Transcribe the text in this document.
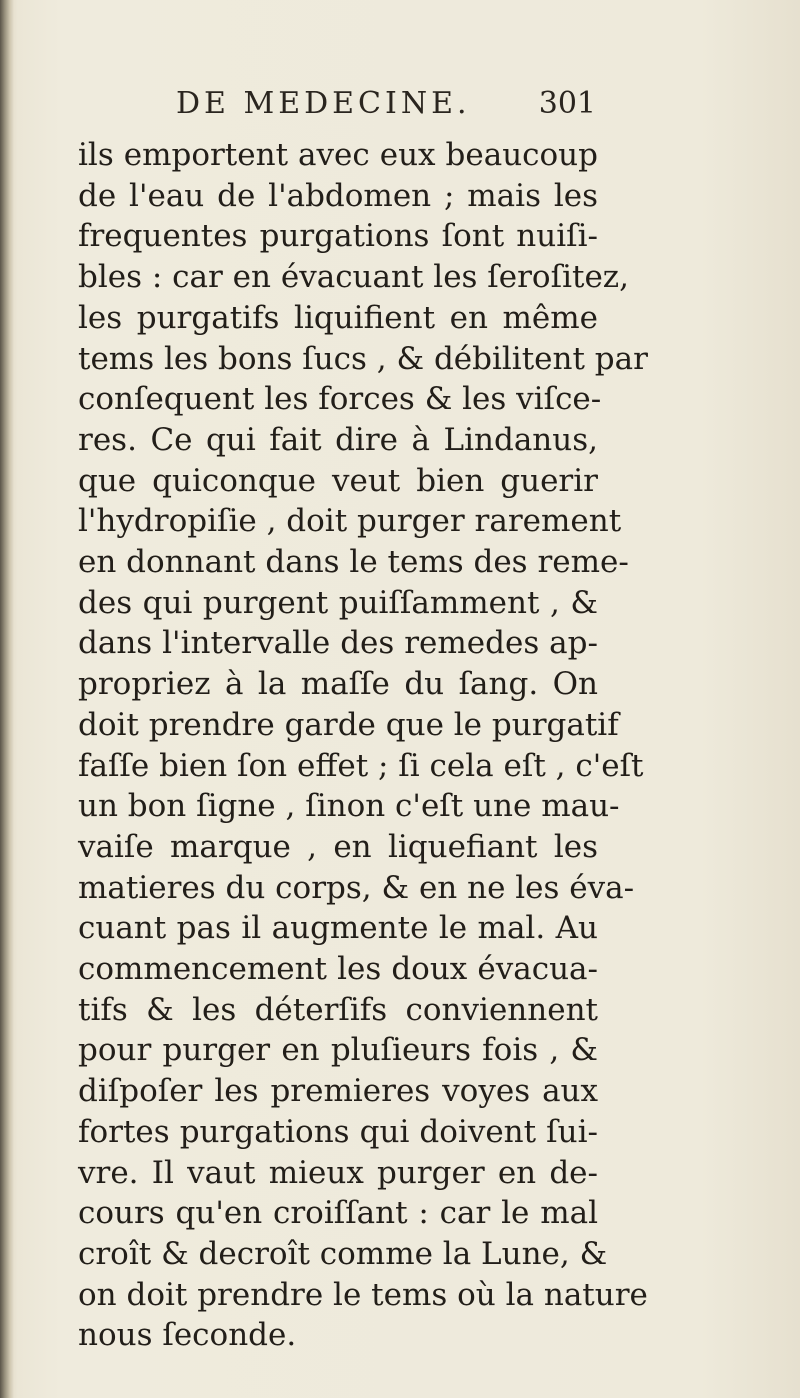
DE MEDECINE. 301
ils emportent avec eux beaucoup
de l'eau de l'abdomen ; mais les
frequentes purgations ſont nuiſi-
bles : car en évacuant les ſeroſitez,
les purgatifs liquifient en même
tems les bons ſucs , & débilitent par
conſequent les forces & les viſce-
res. Ce qui fait dire à Lindanus,
que quiconque veut bien guerir
l'hydropiſie , doit purger rarement
en donnant dans le tems des reme-
des qui purgent puiſſamment , &
dans l'intervalle des remedes ap-
propriez à la maſſe du ſang. On
doit prendre garde que le purgatif
faſſe bien ſon effet ; ſi cela eſt , c'eſt
un bon ſigne , ſinon c'eſt une mau-
vaiſe marque , en liquefiant les
matieres du corps, & en ne les éva-
cuant pas il augmente le mal. Au
commencement les doux évacua-
tifs & les déterſifs conviennent
pour purger en pluſieurs fois , &
diſpoſer les premieres voyes aux
fortes purgations qui doivent ſui-
vre. Il vaut mieux purger en de-
cours qu'en croiſſant : car le mal
croît & decroît comme la Lune, &
on doit prendre le tems où la nature
nous ſeconde.
